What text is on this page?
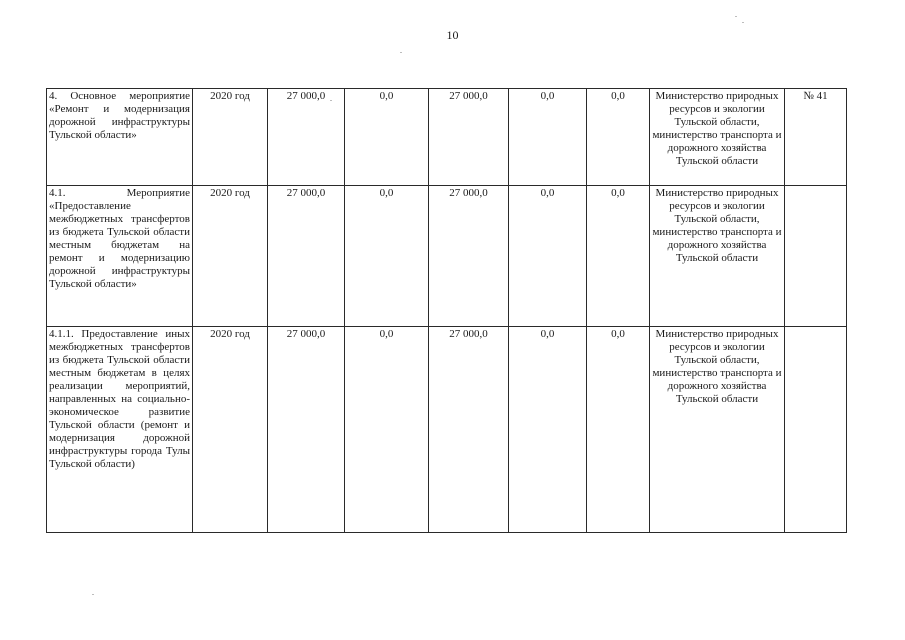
10
4. Основное мероприятие «Ремонт и модернизация дорожной инфраструктуры Тульской области»	2020 год	27 000,0	0,0	27 000,0	0,0	0,0	Министерство природных ресурсов и экологии Тульской области, министерство транспорта и дорожного хозяйства Тульской области	№ 41
4.1. Мероприятие «Предоставление межбюджетных трансфертов из бюджета Тульской области местным бюджетам на ремонт и модернизацию дорожной инфраструктуры Тульской области»	2020 год	27 000,0	0,0	27 000,0	0,0	0,0	Министерство природных ресурсов и экологии Тульской области, министерство транспорта и дорожного хозяйства Тульской области	
4.1.1. Предоставление иных межбюджетных трансфертов из бюджета Тульской области местным бюджетам в целях реализации мероприятий, направленных на социально-экономическое развитие Тульской области (ремонт и модернизация дорожной инфраструктуры города Тулы Тульской области)	2020 год	27 000,0	0,0	27 000,0	0,0	0,0	Министерство природных ресурсов и экологии Тульской области, министерство транспорта и дорожного хозяйства Тульской области	
